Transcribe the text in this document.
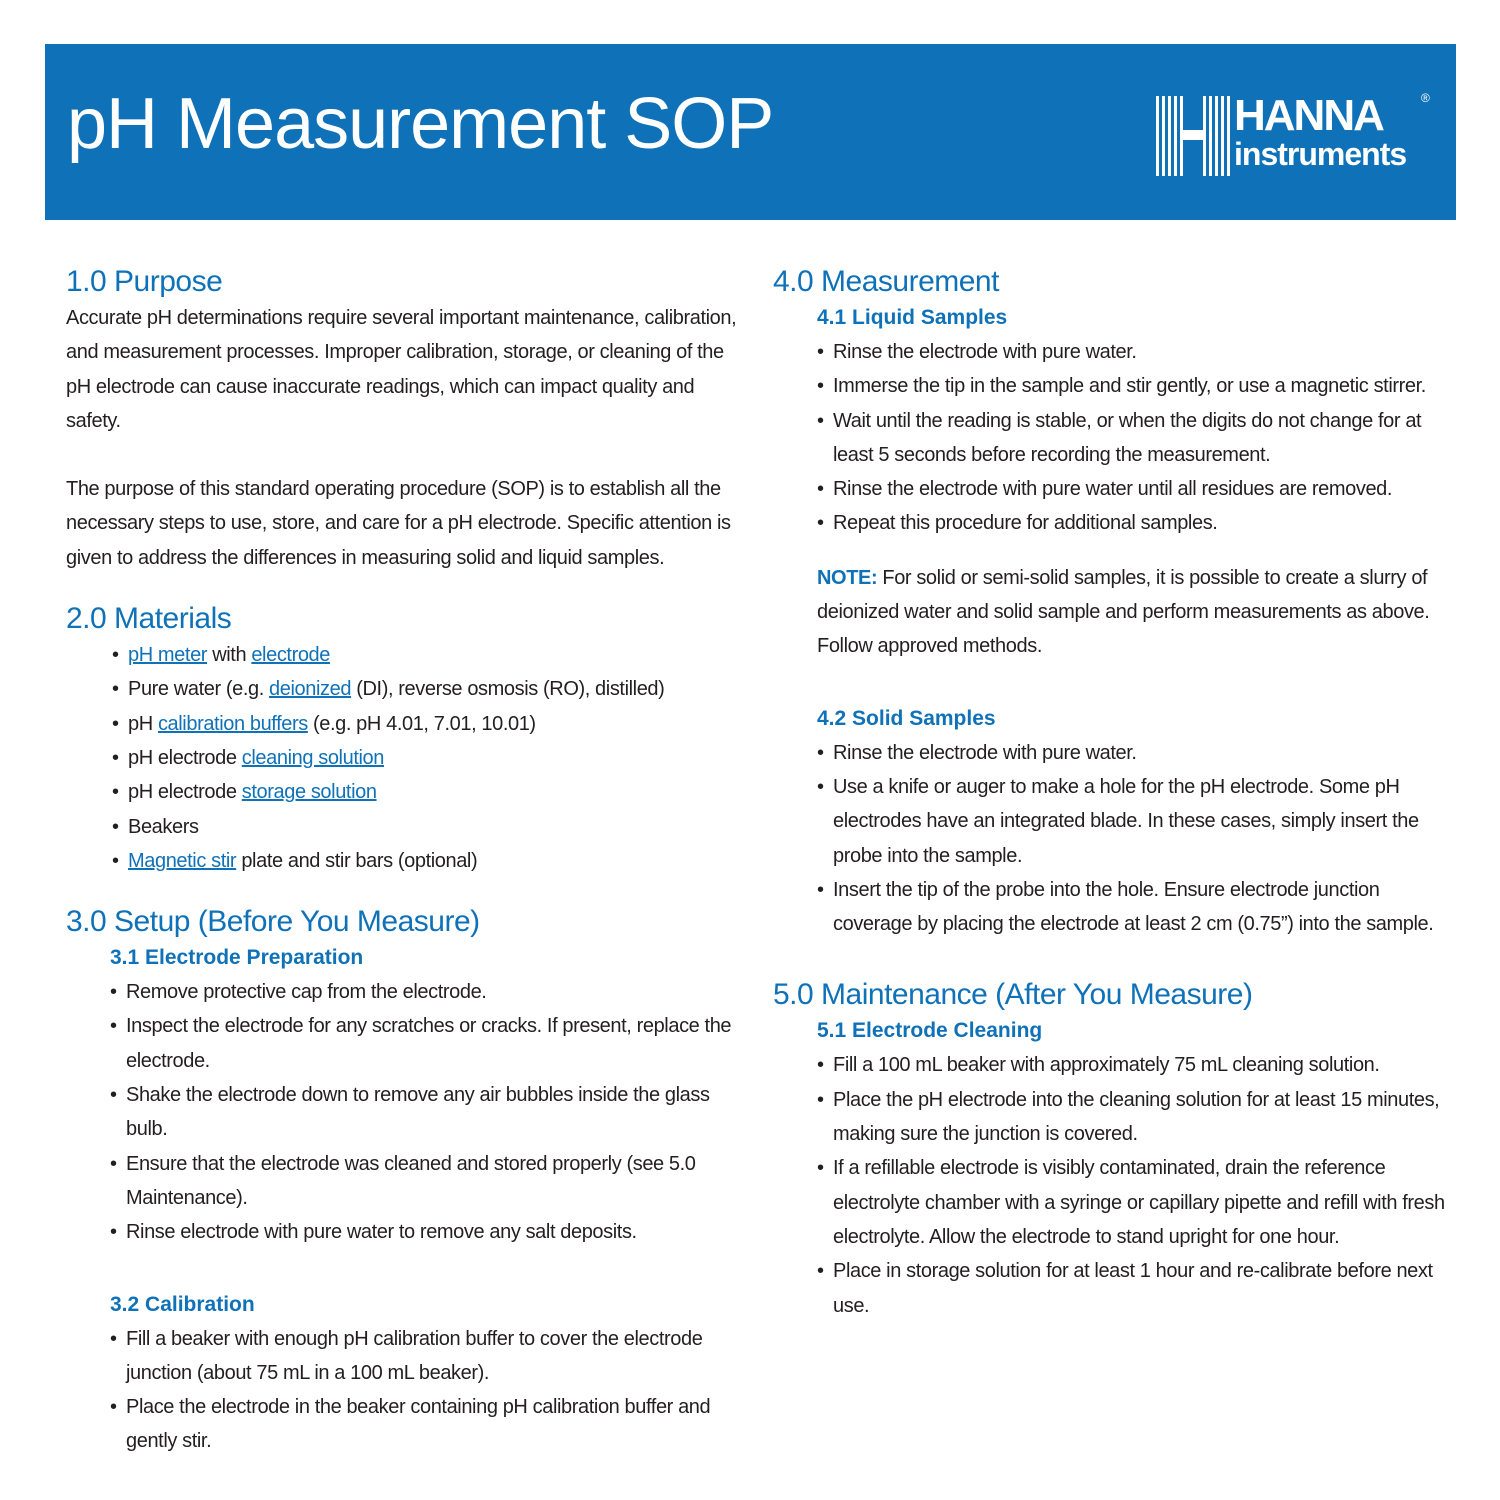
pH Measurement SOP	HANNA	®
instruments
1.0 Purpose

Accurate pH determinations require several important maintenance, calibration, and measurement processes. Improper calibration, storage, or cleaning of the pH electrode can cause inaccurate readings, which can impact quality and safety.

The purpose of this standard operating procedure (SOP) is to establish all the necessary steps to use, store, and care for a pH electrode. Specific attention is given to address the differences in measuring solid and liquid samples.

2.0 Materials
• pH meter with electrode
• Pure water (e.g. deionized (DI), reverse osmosis (RO), distilled)
• pH calibration buffers (e.g. pH 4.01, 7.01, 10.01)
• pH electrode cleaning solution
• pH electrode storage solution
• Beakers
• Magnetic stir plate and stir bars (optional)
3.0 Setup (Before You Measure)
3.1 Electrode Preparation
• Remove protective cap from the electrode.
• Inspect the electrode for any scratches or cracks. If present, replace the electrode.
• Shake the electrode down to remove any air bubbles inside the glass bulb.
• Ensure that the electrode was cleaned and stored properly (see 5.0 Maintenance).
• Rinse electrode with pure water to remove any salt deposits.
3.2 Calibration
• Fill a beaker with enough pH calibration buffer to cover the electrode junction (about 75 mL in a 100 mL beaker).
• Place the electrode in the beaker containing pH calibration buffer and gently stir.
4.0 Measurement
4.1 Liquid Samples
• Rinse the electrode with pure water.
• Immerse the tip in the sample and stir gently, or use a magnetic stirrer.
• Wait until the reading is stable, or when the digits do not change for at least 5 seconds before recording the measurement.
• Rinse the electrode with pure water until all residues are removed.
• Repeat this procedure for additional samples.

NOTE: For solid or semi-solid samples, it is possible to create a slurry of deionized water and solid sample and perform measurements as above. Follow approved methods.

4.2 Solid Samples
• Rinse the electrode with pure water.
• Use a knife or auger to make a hole for the pH electrode. Some pH electrodes have an integrated blade. In these cases, simply insert the probe into the sample.
• Insert the tip of the probe into the hole. Ensure electrode junction coverage by placing the electrode at least 2 cm (0.75”) into the sample.
5.0 Maintenance (After You Measure)
5.1 Electrode Cleaning
• Fill a 100 mL beaker with approximately 75 mL cleaning solution.
• Place the pH electrode into the cleaning solution for at least 15 minutes, making sure the junction is covered.
• If a refillable electrode is visibly contaminated, drain the reference electrolyte chamber with a syringe or capillary pipette and refill with fresh electrolyte. Allow the electrode to stand upright for one hour.
• Place in storage solution for at least 1 hour and re-calibrate before next use.
